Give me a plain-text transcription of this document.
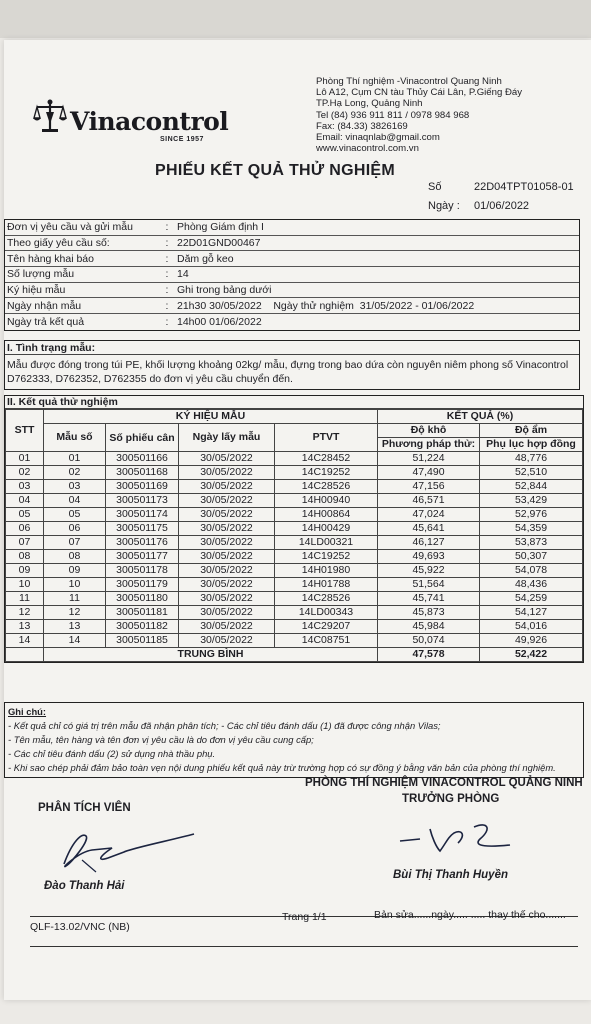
Vinacontrol
SINCE 1957
Phòng Thí nghiệm -Vinacontrol Quang Ninh
Lô A12, Cụm CN tàu Thủy Cái Lân, P.Giếng Đáy
TP.Hạ Long, Quảng Ninh
Tel (84) 936 911 811 / 0978 984 968
Fax: (84.33) 3826169
Email: vinaqnlab@gmail.com
www.vinacontrol.com.vn
PHIẾU KẾT QUẢ THỬ NGHIỆM
Số	22D04TPT01058-01
Ngày : 01/06/2022
Đơn vị yêu cầu và gửi mẫu	: Phòng Giám định I
Theo giấy yêu cầu số:	: 22D01GND00467
Tên hàng khai báo	: Dăm gỗ keo
Số lượng mẫu	: 14
Ký hiệu mẫu	: Ghi trong bảng dưới
Ngày nhận mẫu	: 21h30 30/05/2022    Ngày thử nghiệm  31/05/2022 - 01/06/2022
Ngày trả kết quả	: 14h00 01/06/2022
I. Tình trạng mẫu:
Mẫu được đóng trong túi PE, khối lượng khoảng 02kg/ mẫu, đựng trong bao dứa còn nguyên niêm phong số Vinacontrol D762333, D762352, D762355 do đơn vị yêu cầu chuyển đến.
II. Kết quả thử nghiệm
STT	KÝ HIỆU MẪU				KẾT QUẢ (%)	
	Mẫu số	Số phiếu cân	Ngày lấy mẫu	PTVT	Độ khô	Độ ẩm
					Phương pháp thử:	Phụ lục hợp đồng
01	01	300501166	30/05/2022	14C28452	51,224	48,776
02	02	300501168	30/05/2022	14C19252	47,490	52,510
03	03	300501169	30/05/2022	14C28526	47,156	52,844
04	04	300501173	30/05/2022	14H00940	46,571	53,429
05	05	300501174	30/05/2022	14H00864	47,024	52,976
06	06	300501175	30/05/2022	14H00429	45,641	54,359
07	07	300501176	30/05/2022	14LD00321	46,127	53,873
08	08	300501177	30/05/2022	14C19252	49,693	50,307
09	09	300501178	30/05/2022	14H01980	45,922	54,078
10	10	300501179	30/05/2022	14H01788	51,564	48,436
11	11	300501180	30/05/2022	14C28526	45,741	54,259
12	12	300501181	30/05/2022	14LD00343	45,873	54,127
13	13	300501182	30/05/2022	14C29207	45,984	54,016
14	14	300501185	30/05/2022	14C08751	50,074	49,926
	TRUNG BÌNH				47,578	52,422
Ghi chú:
- Kết quả chỉ có giá trị trên mẫu đã nhận phân tích; - Các chỉ tiêu đánh dấu (1) đã được công nhận Vilas;
- Tên mẫu, tên hàng và tên đơn vị yêu cầu là do đơn vị yêu cầu cung cấp;
- Các chỉ tiêu đánh dấu (2) sử dụng nhà thầu phụ.
- Khi sao chép phải đảm bảo toàn vẹn nội dung phiếu kết quả này trừ trường hợp có sự đồng ý bằng văn bản của phòng thí nghiệm.
PHÂN TÍCH VIÊN
Đào Thanh Hải
PHÒNG THÍ NGHIỆM VINACONTROL QUẢNG NINH
TRƯỞNG PHÒNG
Bùi Thị Thanh Huyền
QLF-13.02/VNC (NB)
Trang 1/1	Bản sửa......ngày..... ..... thay thế cho.......
